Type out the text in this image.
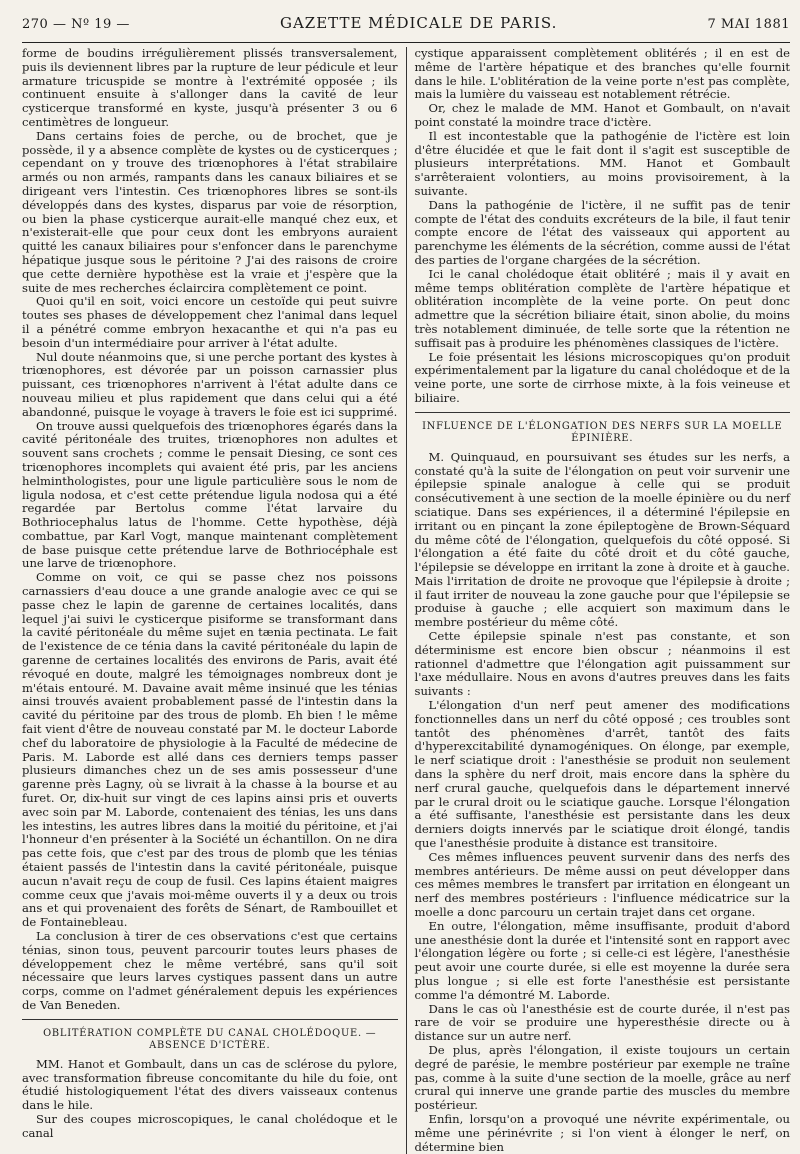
270 — Nº 19 —	GAZETTE MÉDICALE DE PARIS.	7 MAI 1881

forme de boudins irrégulièrement plissés transversalement, puis ils deviennent libres par la rupture de leur pédicule et leur armature tricuspide se montre à l'extrémité opposée ; ils continuent ensuite à s'allonger dans la cavité de leur cysticerque transformé en kyste, jusqu'à présenter 3 ou 6 centimètres de longueur.

Dans certains foies de perche, ou de brochet, que je possède, il y a absence complète de kystes ou de cysticerques ; cependant on y trouve des triœnophores à l'état strabilaire armés ou non armés, rampants dans les canaux biliaires et se dirigeant vers l'intestin. Ces triœnophores libres se sont-ils développés dans des kystes, disparus par voie de résorption, ou bien la phase cysticerque aurait-elle manqué chez eux, et n'existerait-elle que pour ceux dont les embryons auraient quitté les canaux biliaires pour s'enfoncer dans le parenchyme hépatique jusque sous le péritoine ? J'ai des raisons de croire que cette dernière hypothèse est la vraie et j'espère que la suite de mes recherches éclaircira complètement ce point.

Quoi qu'il en soit, voici encore un cestoïde qui peut suivre toutes ses phases de développement chez l'animal dans lequel il a pénétré comme embryon hexacanthe et qui n'a pas eu besoin d'un intermédiaire pour arriver à l'état adulte.

Nul doute néanmoins que, si une perche portant des kystes à triœnophores, est dévorée par un poisson carnassier plus puissant, ces triœnophores n'arrivent à l'état adulte dans ce nouveau milieu et plus rapidement que dans celui qui a été abandonné, puisque le voyage à travers le foie est ici supprimé.

On trouve aussi quelquefois des triœnophores égarés dans la cavité péritonéale des truites, triœnophores non adultes et souvent sans crochets ; comme le pensait Diesing, ce sont ces triœnophores incomplets qui avaient été pris, par les anciens helminthologistes, pour une ligule particulière sous le nom de ligula nodosa, et c'est cette prétendue ligula nodosa qui a été regardée par Bertolus comme l'état larvaire du Bothriocephalus latus de l'homme. Cette hypothèse, déjà combattue, par Karl Vogt, manque maintenant complètement de base puisque cette prétendue larve de Bothriocéphale est une larve de triœnophore.

Comme on voit, ce qui se passe chez nos poissons carnassiers d'eau douce a une grande analogie avec ce qui se passe chez le lapin de garenne de certaines localités, dans lequel j'ai suivi le cysticerque pisiforme se transformant dans la cavité péritonéale du même sujet en tænia pectinata. Le fait de l'existence de ce ténia dans la cavité péritonéale du lapin de garenne de certaines localités des environs de Paris, avait été révoqué en doute, malgré les témoignages nombreux dont je m'étais entouré. M. Davaine avait même insinué que les ténias ainsi trouvés avaient probablement passé de l'intestin dans la cavité du péritoine par des trous de plomb. Eh bien ! le même fait vient d'être de nouveau constaté par M. le docteur Laborde chef du laboratoire de physiologie à la Faculté de médecine de Paris. M. Laborde est allé dans ces derniers temps passer plusieurs dimanches chez un de ses amis possesseur d'une garenne près Lagny, où se livrait à la chasse à la bourse et au furet. Or, dix-huit sur vingt de ces lapins ainsi pris et ouverts avec soin par M. Laborde, contenaient des ténias, les uns dans les intestins, les autres libres dans la moitié du péritoine, et j'ai l'honneur d'en présenter à la Société un échantillon. On ne dira pas cette fois, que c'est par des trous de plomb que les ténias étaient passés de l'intestin dans la cavité péritonéale, puisque aucun n'avait reçu de coup de fusil. Ces lapins étaient maigres comme ceux que j'avais moi-même ouverts il y a deux ou trois ans et qui provenaient des forêts de Sénart, de Rambouillet et de Fontainebleau.

La conclusion à tirer de ces observations c'est que certains ténias, sinon tous, peuvent parcourir toutes leurs phases de développement chez le même vertébré, sans qu'il soit nécessaire que leurs larves cystiques passent dans un autre corps, comme on l'admet généralement depuis les expériences de Van Beneden.

OBLITÉRATION COMPLÈTE DU CANAL CHOLÉDOQUE. — ABSENCE D'ICTÈRE.

MM. Hanot et Gombault, dans un cas de sclérose du pylore, avec transformation fibreuse concomitante du hile du foie, ont étudié histologiquement l'état des divers vaisseaux contenus dans le hile.

Sur des coupes microscopiques, le canal cholédoque et le canal

cystique apparaissent complètement oblitérés ; il en est de même de l'artère hépatique et des branches qu'elle fournit dans le hile. L'oblitération de la veine porte n'est pas complète, mais la lumière du vaisseau est notablement rétrécie.

Or, chez le malade de MM. Hanot et Gombault, on n'avait point constaté la moindre trace d'ictère.

Il est incontestable que la pathogénie de l'ictère est loin d'être élucidée et que le fait dont il s'agit est susceptible de plusieurs interprétations. MM. Hanot et Gombault s'arrêteraient volontiers, au moins provisoirement, à la suivante.

Dans la pathogénie de l'ictère, il ne suffit pas de tenir compte de l'état des conduits excréteurs de la bile, il faut tenir compte encore de l'état des vaisseaux qui apportent au parenchyme les éléments de la sécrétion, comme aussi de l'état des parties de l'organe chargées de la sécrétion.

Ici le canal cholédoque était oblitéré ; mais il y avait en même temps oblitération complète de l'artère hépatique et oblitération incomplète de la veine porte. On peut donc admettre que la sécrétion biliaire était, sinon abolie, du moins très notablement diminuée, de telle sorte que la rétention ne suffisait pas à produire les phénomènes classiques de l'ictère.

Le foie présentait les lésions microscopiques qu'on produit expérimentalement par la ligature du canal cholédoque et de la veine porte, une sorte de cirrhose mixte, à la fois veineuse et biliaire.

INFLUENCE DE L'ÉLONGATION DES NERFS SUR LA MOELLE ÉPINIÈRE.

M. Quinquaud, en poursuivant ses études sur les nerfs, a constaté qu'à la suite de l'élongation on peut voir survenir une épilepsie spinale analogue à celle qui se produit consécutivement à une section de la moelle épinière ou du nerf sciatique. Dans ses expériences, il a déterminé l'épilepsie en irritant ou en pinçant la zone épileptogène de Brown-Séquard du même côté de l'élongation, quelquefois du côté opposé. Si l'élongation a été faite du côté droit et du côté gauche, l'épilepsie se développe en irritant la zone à droite et à gauche. Mais l'irritation de droite ne provoque que l'épilepsie à droite ; il faut irriter de nouveau la zone gauche pour que l'épilepsie se produise à gauche ; elle acquiert son maximum dans le membre postérieur du même côté.

Cette épilepsie spinale n'est pas constante, et son déterminisme est encore bien obscur ; néanmoins il est rationnel d'admettre que l'élongation agit puissamment sur l'axe médullaire. Nous en avons d'autres preuves dans les faits suivants :

L'élongation d'un nerf peut amener des modifications fonctionnelles dans un nerf du côté opposé ; ces troubles sont tantôt des phénomènes d'arrêt, tantôt des faits d'hyperexcitabilité dynamogéniques. On élonge, par exemple, le nerf sciatique droit : l'anesthésie se produit non seulement dans la sphère du nerf droit, mais encore dans la sphère du nerf crural gauche, quelquefois dans le département innervé par le crural droit ou le sciatique gauche. Lorsque l'élongation a été suffisante, l'anesthésie est persistante dans les deux derniers doigts innervés par le sciatique droit élongé, tandis que l'anesthésie produite à distance est transitoire.

Ces mêmes influences peuvent survenir dans des nerfs des membres antérieurs. De même aussi on peut développer dans ces mêmes membres le transfert par irritation en élongeant un nerf des membres postérieurs : l'influence médicatrice sur la moelle a donc parcouru un certain trajet dans cet organe.

En outre, l'élongation, même insuffisante, produit d'abord une anesthésie dont la durée et l'intensité sont en rapport avec l'élongation légère ou forte ; si celle-ci est légère, l'anesthésie peut avoir une courte durée, si elle est moyenne la durée sera plus longue ; si elle est forte l'anesthésie est persistante comme l'a démontré M. Laborde.

Dans le cas où l'anesthésie est de courte durée, il n'est pas rare de voir se produire une hyperesthésie directe ou à distance sur un autre nerf.

De plus, après l'élongation, il existe toujours un certain degré de parésie, le membre postérieur par exemple ne traîne pas, comme à la suite d'une section de la moelle, grâce au nerf crural qui innerve une grande partie des muscles du membre postérieur.

Enfin, lorsqu'on a provoqué une névrite expérimentale, ou même une périnévrite ; si l'on vient à élonger le nerf, on détermine bien
